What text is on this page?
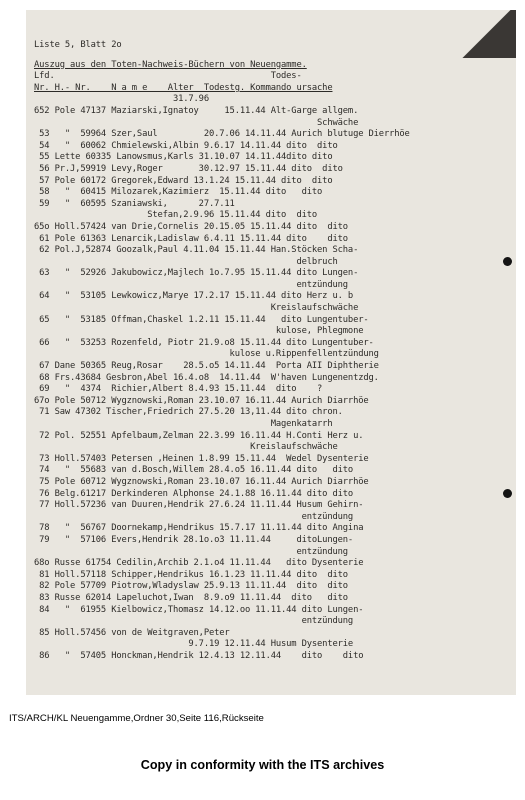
Liste 5, Blatt 2o
Auszug aus den Toten-Nachweis-Büchern von Neuengamme.
Lfd.                                          Todes-
Nr. H.- Nr.    N a m e    Alter  Todestg. Kommando ursache
31.7.96
652 Pole 47137 Maziarski,Ignatoy     15.11.44 Alt-Garge allgem.
Schwäche
53   "  59964 Szer,Saul         20.7.06 14.11.44 Aurich blutuge Dierrhöe
54   "  60062 Chmielewski,Albin 9.6.17 14.11.44 dito  dito
55 Lette 60335 Lanowsmus,Karls 31.10.07 14.11.44dito dito
56 Pr.J,59919 Levy,Roger       30.12.97 15.11.44 dito  dito
57 Pole 60172 Gregorek,Edward 13.1.24 15.11.44 dito  dito
58   "  60415 Milozarek,Kazimierz  15.11.44 dito   dito
59   "  60595 Szaniawski,      27.7.11
Stefan,2.9.96 15.11.44 dito  dito
65o Holl.57424 van Drie,Cornelis 20.15.05 15.11.44 dito  dito
61 Pole 61363 Lenarcik,Ladislaw 6.4.11 15.11.44 dito    dito
62 Pol.J,52874 Goozalk,Paul 4.11.04 15.11.44 Han.Stöcken Scha-
delbruch
63   "  52926 Jakubowicz,Majlech 1o.7.95 15.11.44 dito Lungen-
entzündung
64   "  53105 Lewkowicz,Marye 17.2.17 15.11.44 dito Herz u. b
Kreislaufschwäche
65   "  53185 Offman,Chaskel 1.2.11 15.11.44   dito Lungentuber-
kulose, Phlegmone
66   "  53253 Rozenfeld, Piotr 21.9.o8 15.11.44 dito Lungentuber-
kulose u.Rippenfellentzündung
67 Dane 50365 Reug,Rosar    28.5.o5 14.11.44  Porta AII Diphtherie
68 Frs.43684 Gesbron,Abel 16.4.o8  14.11.44  W'haven Lungenentzdg.
69   "  4374  Richier,Albert 8.4.93 15.11.44  dito    ?
67o Pole 50712 Wygznowski,Roman 23.10.07 16.11.44 Aurich Diarrhöe
71 Saw 47302 Tischer,Friedrich 27.5.20 13,11.44 dito chron.
Magenkatarrh
72 Pol. 52551 Apfelbaum,Zelman 22.3.99 16.11.44 H.Conti Herz u.
Kreislaufschwäche
73 Holl.57403 Petersen ,Heinen 1.8.99 15.11.44  Wedel Dysenterie
74   "  55683 van d.Bosch,Willem 28.4.o5 16.11.44 dito   dito
75 Pole 60712 Wygznowski,Roman 23.10.07 16.11.44 Aurich Diarrhöe
76 Belg.61217 Derkinderen Alphonse 24.1.88 16.11.44 dito dito
77 Holl.57236 van Duuren,Hendrik 27.6.24 11.11.44 Husum Gehirn-
entzündung
78   "  56767 Doornekamp,Hendrikus 15.7.17 11.11.44 dito Angina
79   "  57106 Evers,Hendrik 28.1o.o3 11.11.44     ditoLungen-
entzündung
68o Russe 61754 Cedilin,Archib 2.1.o4 11.11.44   dito Dysenterie
81 Holl.57118 Schipper,Hendrikus 16.1.23 11.11.44 dito  dito
82 Pole 57709 Piotrow,Wladyslaw 25.9.13 11.11.44  dito  dito
83 Russe 62014 Lapeluchot,Iwan  8.9.o9 11.11.44  dito   dito
84   "  61955 Kielbowicz,Thomasz 14.12.oo 11.11.44 dito Lungen-
entzündung
85 Holl.57456 von de Weitgraven,Peter
9.7.19 12.11.44 Husum Dysenterie
86   "  57405 Honckman,Hendrik 12.4.13 12.11.44    dito    dito
ITS/ARCH/KL Neuengamme,Ordner 30,Seite 116,Rückseite
Copy in conformity with the ITS archives
